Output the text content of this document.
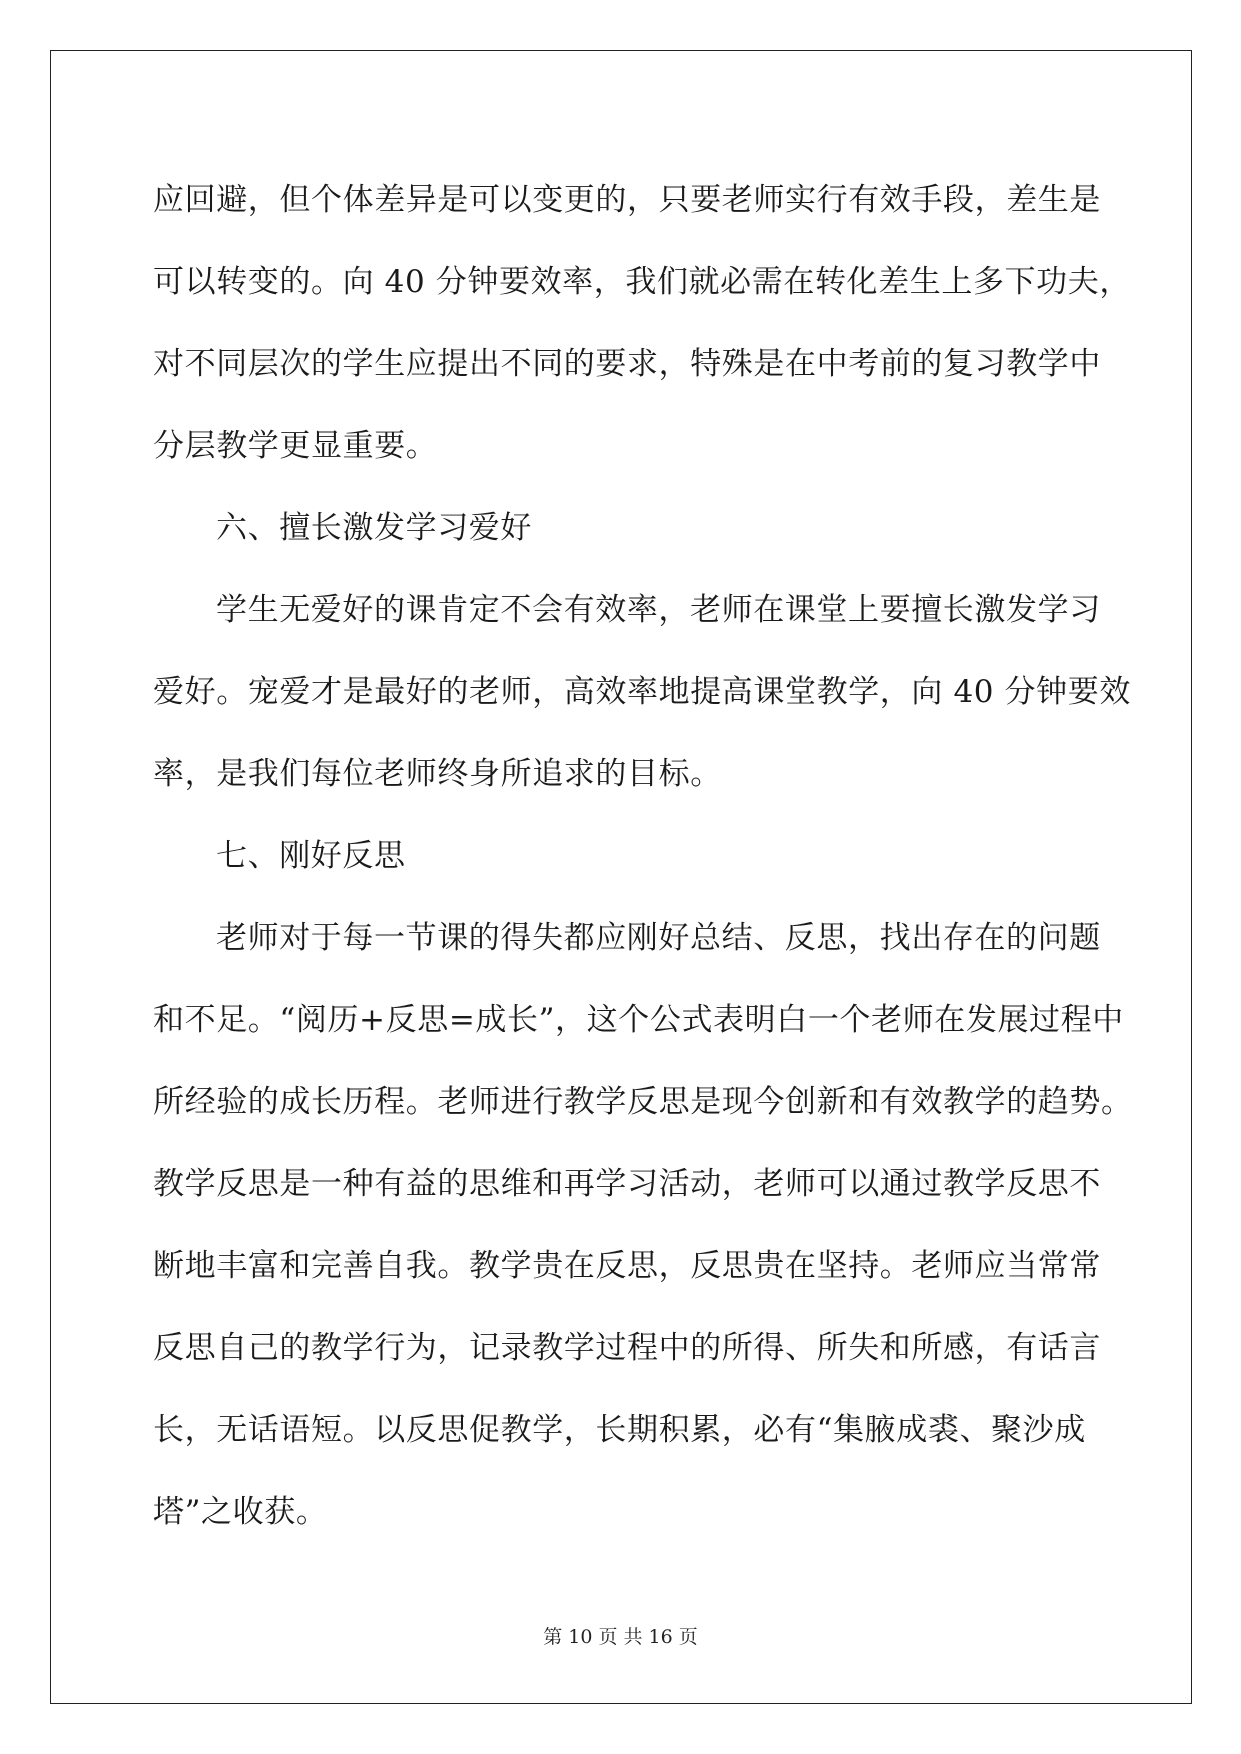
应回避，但个体差异是可以变更的，只要老师实行有效手段，差生是
可以转变的。向 40 分钟要效率，我们就必需在转化差生上多下功夫，
对不同层次的学生应提出不同的要求，特殊是在中考前的复习教学中
分层教学更显重要。
六、擅长激发学习爱好
学生无爱好的课肯定不会有效率，老师在课堂上要擅长激发学习
爱好。宠爱才是最好的老师，高效率地提高课堂教学，向 40 分钟要效
率，是我们每位老师终身所追求的目标。
七、刚好反思
老师对于每一节课的得失都应刚好总结、反思，找出存在的问题
和不足。“阅历+反思=成长”，这个公式表明白一个老师在发展过程中
所经验的成长历程。老师进行教学反思是现今创新和有效教学的趋势。
教学反思是一种有益的思维和再学习活动，老师可以通过教学反思不
断地丰富和完善自我。教学贵在反思，反思贵在坚持。老师应当常常
反思自己的教学行为，记录教学过程中的所得、所失和所感，有话言
长，无话语短。以反思促教学，长期积累，必有“集腋成裘、聚沙成
塔”之收获。
第 10 页 共 16 页
